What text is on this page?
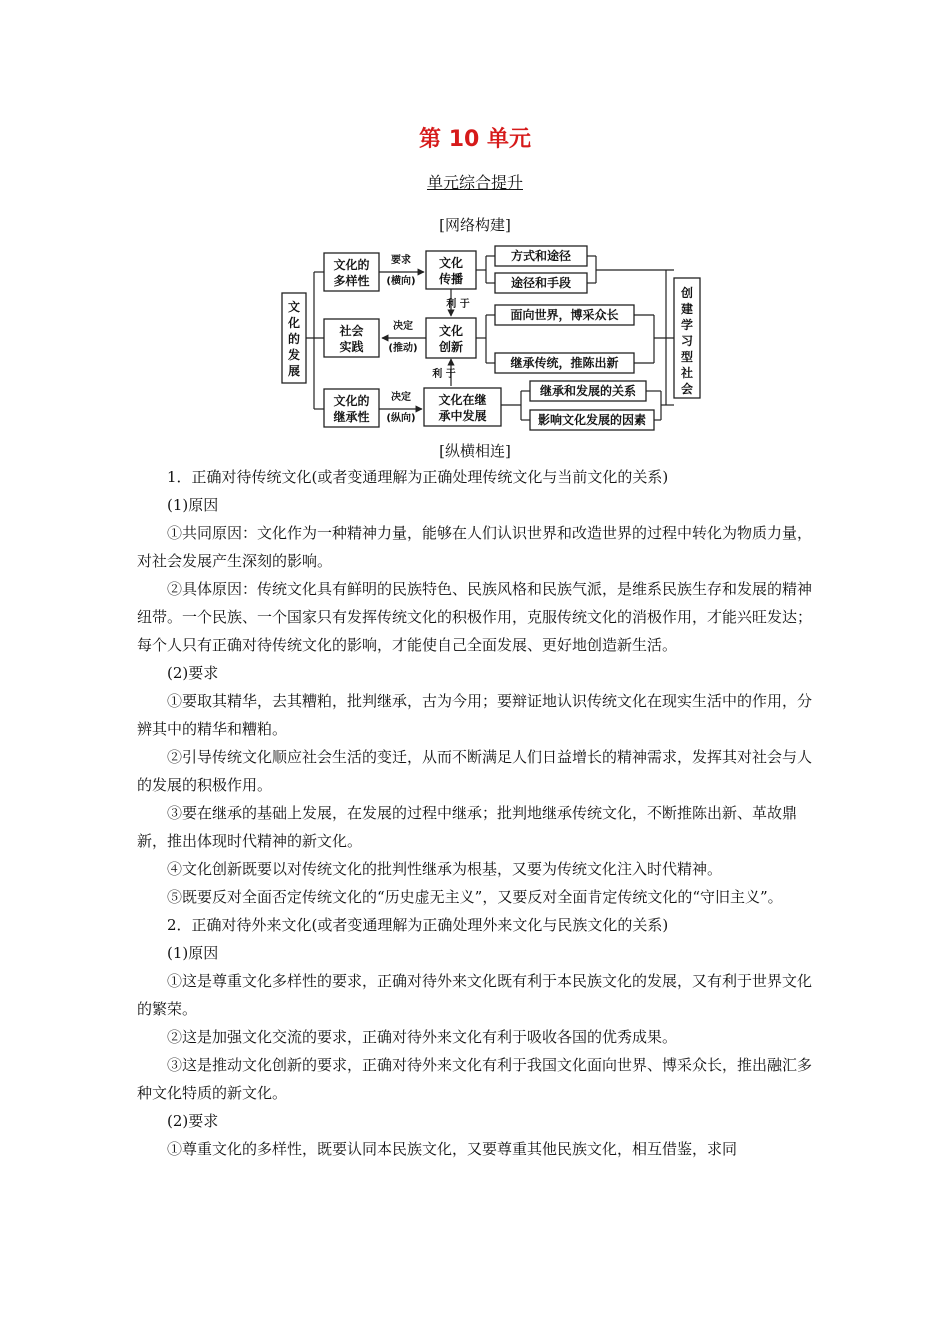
第 10 单元
单元综合提升
[网络构建]
文化的
多样性
文化
传播
社会
实践
文化
创新
文化的
继承性
文化在继
承中发展
方式和途径
途径和手段
面向世界，博采众长
继承传统，推陈出新
继承和发展的关系
影响文化发展的因素
要求
(横向)
决定
(推动)
决定
(纵向)
利 于
利 于
文
化
的
发
展
创
建
学
习
型
社
会
[纵横相连]

1．正确对待传统文化(或者变通理解为正确处理传统文化与当前文化的关系)

(1)原因

①共同原因：文化作为一种精神力量，能够在人们认识世界和改造世界的过程中转化为物质力量，对社会发展产生深刻的影响。

②具体原因：传统文化具有鲜明的民族特色、民族风格和民族气派，是维系民族生存和发展的精神纽带。一个民族、一个国家只有发挥传统文化的积极作用，克服传统文化的消极作用，才能兴旺发达；每个人只有正确对待传统文化的影响，才能使自己全面发展、更好地创造新生活。

(2)要求

①要取其精华，去其糟粕，批判继承，古为今用；要辩证地认识传统文化在现实生活中的作用，分辨其中的精华和糟粕。

②引导传统文化顺应社会生活的变迁，从而不断满足人们日益增长的精神需求，发挥其对社会与人的发展的积极作用。

③要在继承的基础上发展，在发展的过程中继承；批判地继承传统文化，不断推陈出新、革故鼎新，推出体现时代精神的新文化。

④文化创新既要以对传统文化的批判性继承为根基，又要为传统文化注入时代精神。

⑤既要反对全面否定传统文化的“历史虚无主义”，又要反对全面肯定传统文化的“守旧主义”。

2．正确对待外来文化(或者变通理解为正确处理外来文化与民族文化的关系)

(1)原因

①这是尊重文化多样性的要求，正确对待外来文化既有利于本民族文化的发展，又有利于世界文化的繁荣。

②这是加强文化交流的要求，正确对待外来文化有利于吸收各国的优秀成果。

③这是推动文化创新的要求，正确对待外来文化有利于我国文化面向世界、博采众长，推出融汇多种文化特质的新文化。

(2)要求

①尊重文化的多样性，既要认同本民族文化，又要尊重其他民族文化，相互借鉴，求同
